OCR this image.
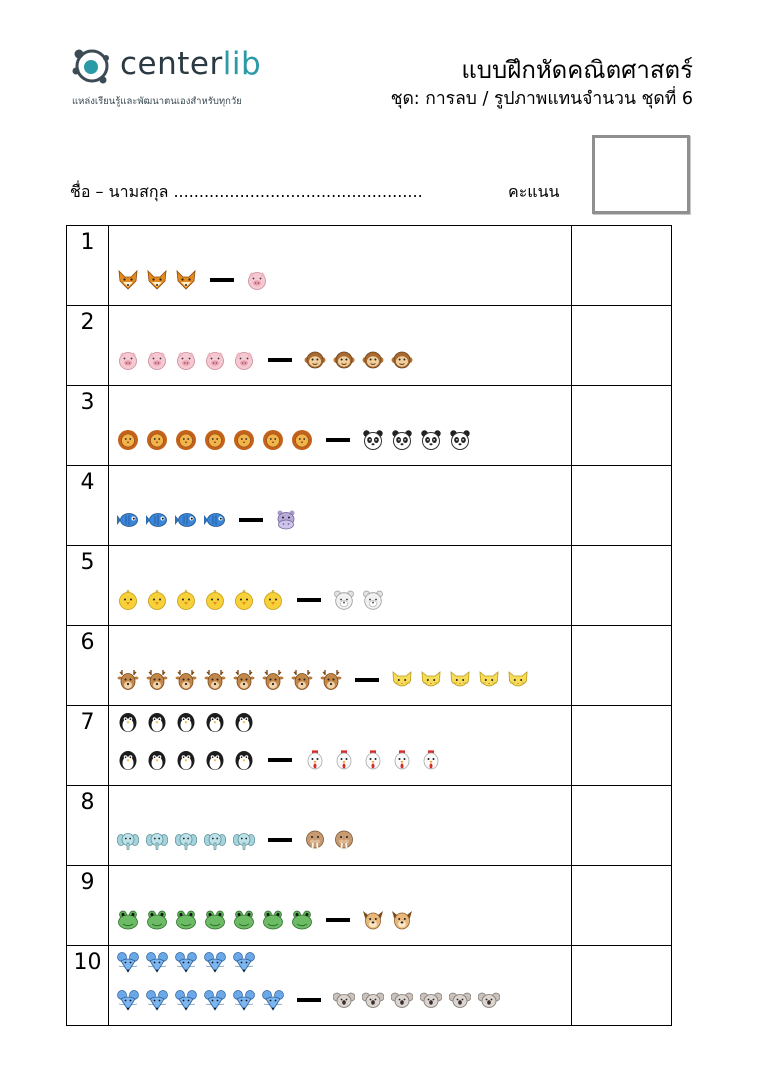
centerlib
แหล่งเรียนรู้และพัฒนาตนเองสำหรับทุกวัย
แบบฝึกหัดคณิตศาสตร์
ชุด: การลบ / รูปภาพแทนจำนวน ชุดที่ 6
ชื่อ – นามสกุล .................................................	คะแนน
1	

2	

3	

4	

5	

6	

7	

8	

9	

10	
